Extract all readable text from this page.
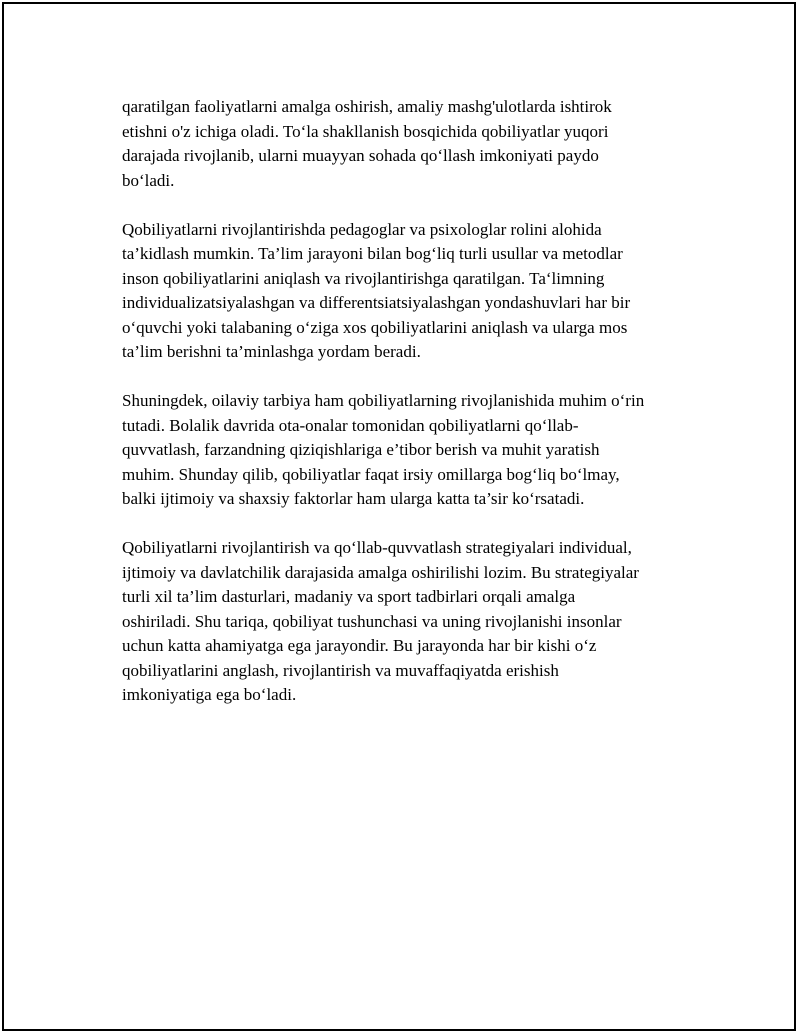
qaratilgan faoliyatlarni amalga oshirish, amaliy mashg'ulotlarda ishtirok
etishni o'z ichiga oladi. To‘la shakllanish bosqichida qobiliyatlar yuqori
darajada rivojlanib, ularni muayyan sohada qo‘llash imkoniyati paydo
bo‘ladi.

Qobiliyatlarni rivojlantirishda pedagoglar va psixologlar rolini alohida
ta’kidlash mumkin. Ta’lim jarayoni bilan bog‘liq turli usullar va metodlar
inson qobiliyatlarini aniqlash va rivojlantirishga qaratilgan. Ta‘limning
individualizatsiyalashgan va differentsiatsiyalashgan yondashuvlari har bir
o‘quvchi yoki talabaning o‘ziga xos qobiliyatlarini aniqlash va ularga mos
ta’lim berishni ta’minlashga yordam beradi.

Shuningdek, oilaviy tarbiya ham qobiliyatlarning rivojlanishida muhim o‘rin
tutadi. Bolalik davrida ota-onalar tomonidan qobiliyatlarni qo‘llab-
quvvatlash, farzandning qiziqishlariga e’tibor berish va muhit yaratish
muhim. Shunday qilib, qobiliyatlar faqat irsiy omillarga bog‘liq bo‘lmay,
balki ijtimoiy va shaxsiy faktorlar ham ularga katta ta’sir ko‘rsatadi.

Qobiliyatlarni rivojlantirish va qo‘llab-quvvatlash strategiyalari individual,
ijtimoiy va davlatchilik darajasida amalga oshirilishi lozim. Bu strategiyalar
turli xil ta’lim dasturlari, madaniy va sport tadbirlari orqali amalga
oshiriladi. Shu tariqa, qobiliyat tushunchasi va uning rivojlanishi insonlar
uchun katta ahamiyatga ega jarayondir. Bu jarayonda har bir kishi o‘z
qobiliyatlarini anglash, rivojlantirish va muvaffaqiyatda erishish
imkoniyatiga ega bo‘ladi.
